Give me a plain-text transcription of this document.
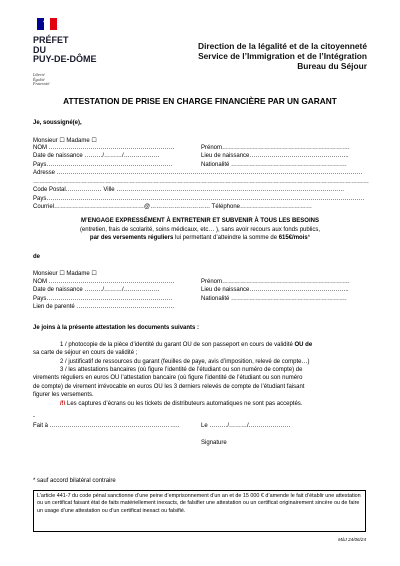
PRÉFET
DU
PUY-DE-DÔME
Liberté
Égalité
Fraternité
Direction de la légalité et de la citoyenneté
Service de l’Immigration et de l’Intégration
Bureau du Séjour
ATTESTATION DE PRISE EN CHARGE FINANCIÈRE PAR UN GARANT
Je, soussigné(e),
Monsieur ☐ Madame ☐
NOM ………………………………………………………	Prénom……………………………………………………….
Date de naissance ………/………/………………	Lieu de naissance…………………………………………..
Pays………………………………………………………	Nationalité ………………………………………………….
Adresse ………………………………………………………………………………………………………………………………………
……………………………………………………………………………………………………………………………………………………
Code Postal……………… Ville ……………………………………………………………………………………………………
Pays……………………………………………………………………………………………………………………………………………
Courriel………………………………………@………………………… Téléphone………………………………
M’ENGAGE EXPRESSÉMENT À ENTRETENIR ET SUBVENIR À TOUS LES BESOINS
(entretien, frais de scolarité, soins médicaux, etc… ), sans avoir recours aux fonds publics,
par des versements réguliers lui permettant d’atteindre la somme de 615€/mois*
de
Monsieur ☐ Madame ☐
NOM ………………………………………………………	Prénom……………………………………………………….
Date de naissance ………/………/………………	Lieu de naissance…………………………………………..
Pays………………………………………………………	Nationalité ………………………………………………….
Lien de parenté ………………………………………….
Je joins à la présente attestation les documents suivants :
1 / photocopie de la pièce d’identité du garant OU de son passeport en cours de validité OU de
sa carte de séjour en cours de validité ;
2 / justificatif de ressources du garant (feuilles de paye, avis d’imposition, relevé de compte…)
3 / les attestations bancaires (où figure l’identité de l’étudiant ou son numéro de compte) de
virements réguliers en euros OU l’attestation bancaire (où figure l’identité de l’étudiant ou son numéro
de compte) de virement irrévocable en euros OU les 3 derniers relevés de compte de l’étudiant faisant
figurer les versements.
/!\ Les captures d’écrans ou les tickets de distributeurs automatiques ne sont pas acceptés.
-
Fait à …………………………………………………… …..	Le ………/………/…………………
Signature
* sauf accord bilatéral contraire
L’article 441-7 du code pénal sanctionne d’une peine d’emprisonnement d’un an et de 15 000 € d’amende le fait d’établir une attestation ou un certificat faisant état de faits matériellement inexacts, de falsifier une attestation ou un certificat originairement sincère ou de faire un usage d’une attestation ou d’un certificat inexact ou falsifié.
MàJ 24/06/24
